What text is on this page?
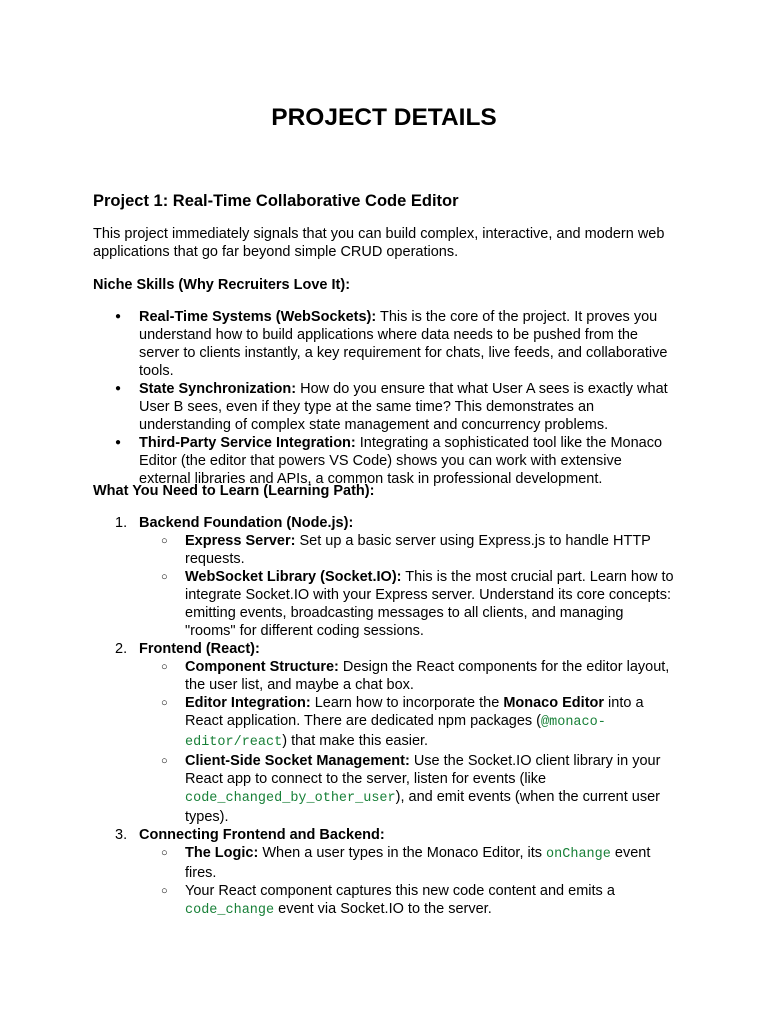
PROJECT DETAILS
Project 1: Real-Time Collaborative Code Editor

This project immediately signals that you can build complex, interactive, and modern web applications that go far beyond simple CRUD operations.

Niche Skills (Why Recruiters Love It):

● Real-Time Systems (WebSockets): This is the core of the project. It proves you understand how to build applications where data needs to be pushed from the server to clients instantly, a key requirement for chats, live feeds, and collaborative tools.
● State Synchronization: How do you ensure that what User A sees is exactly what User B sees, even if they type at the same time? This demonstrates an understanding of complex state management and concurrency problems.
● Third-Party Service Integration: Integrating a sophisticated tool like the Monaco Editor (the editor that powers VS Code) shows you can work with extensive external libraries and APIs, a common task in professional development.

What You Need to Learn (Learning Path):

1. Backend Foundation (Node.js):
○ Express Server: Set up a basic server using Express.js to handle HTTP requests.
○ WebSocket Library (Socket.IO): This is the most crucial part. Learn how to integrate Socket.IO with your Express server. Understand its core concepts: emitting events, broadcasting messages to all clients, and managing "rooms" for different coding sessions.
2. Frontend (React):
○ Component Structure: Design the React components for the editor layout, the user list, and maybe a chat box.
○ Editor Integration: Learn how to incorporate the Monaco Editor into a React application. There are dedicated npm packages (@monaco-editor/react) that make this easier.
○ Client-Side Socket Management: Use the Socket.IO client library in your React app to connect to the server, listen for events (like code_changed_by_other_user), and emit events (when the current user types).
3. Connecting Frontend and Backend:
○ The Logic: When a user types in the Monaco Editor, its onChange event fires.
○ Your React component captures this new code content and emits a code_change event via Socket.IO to the server.
